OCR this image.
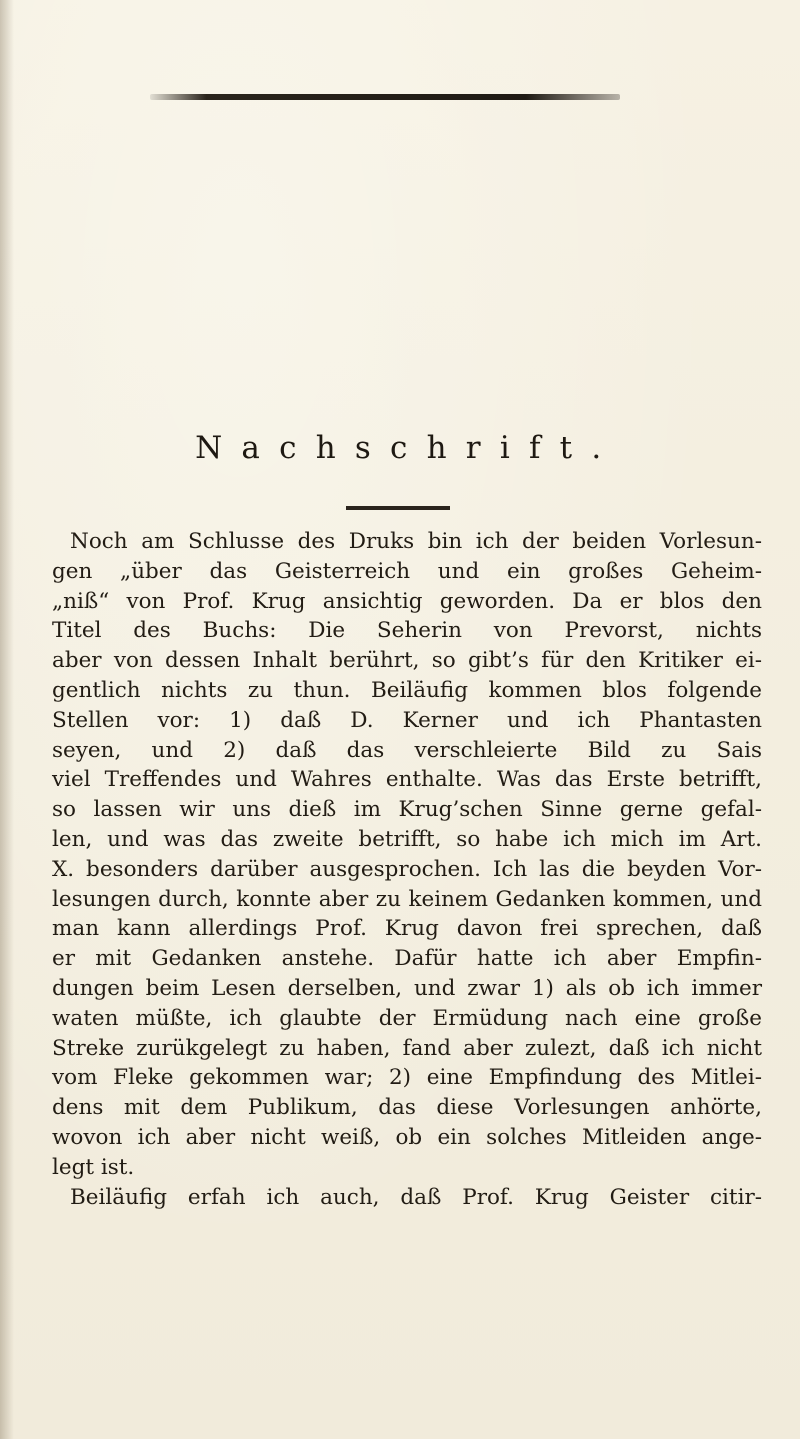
Nachschrift.
Noch am Schlusse des Druks bin ich der beiden Vorlesun-
gen „über das Geisterreich und ein großes Geheim-
„niß“ von Prof. Krug ansichtig geworden. Da er blos den
Titel des Buchs: Die Seherin von Prevorst, nichts
aber von dessen Inhalt berührt, so gibt’s für den Kritiker ei-
gentlich nichts zu thun. Beiläufig kommen blos folgende
Stellen vor: 1) daß D. Kerner und ich Phantasten
seyen, und 2) daß das verschleierte Bild zu Sais
viel Treffendes und Wahres enthalte. Was das Erste betrifft,
so lassen wir uns dieß im Krug’schen Sinne gerne gefal-
len, und was das zweite betrifft, so habe ich mich im Art.
X. besonders darüber ausgesprochen. Ich las die beyden Vor-
lesungen durch, konnte aber zu keinem Gedanken kommen, und
man kann allerdings Prof. Krug davon frei sprechen, daß
er mit Gedanken anstehe. Dafür hatte ich aber Empfin-
dungen beim Lesen derselben, und zwar 1) als ob ich immer
waten müßte, ich glaubte der Ermüdung nach eine große
Streke zurükgelegt zu haben, fand aber zulezt, daß ich nicht
vom Fleke gekommen war; 2) eine Empfindung des Mitlei-
dens mit dem Publikum, das diese Vorlesungen anhörte,
wovon ich aber nicht weiß, ob ein solches Mitleiden ange-
legt ist.
Beiläufig erfah ich auch, daß Prof. Krug Geister citir-
